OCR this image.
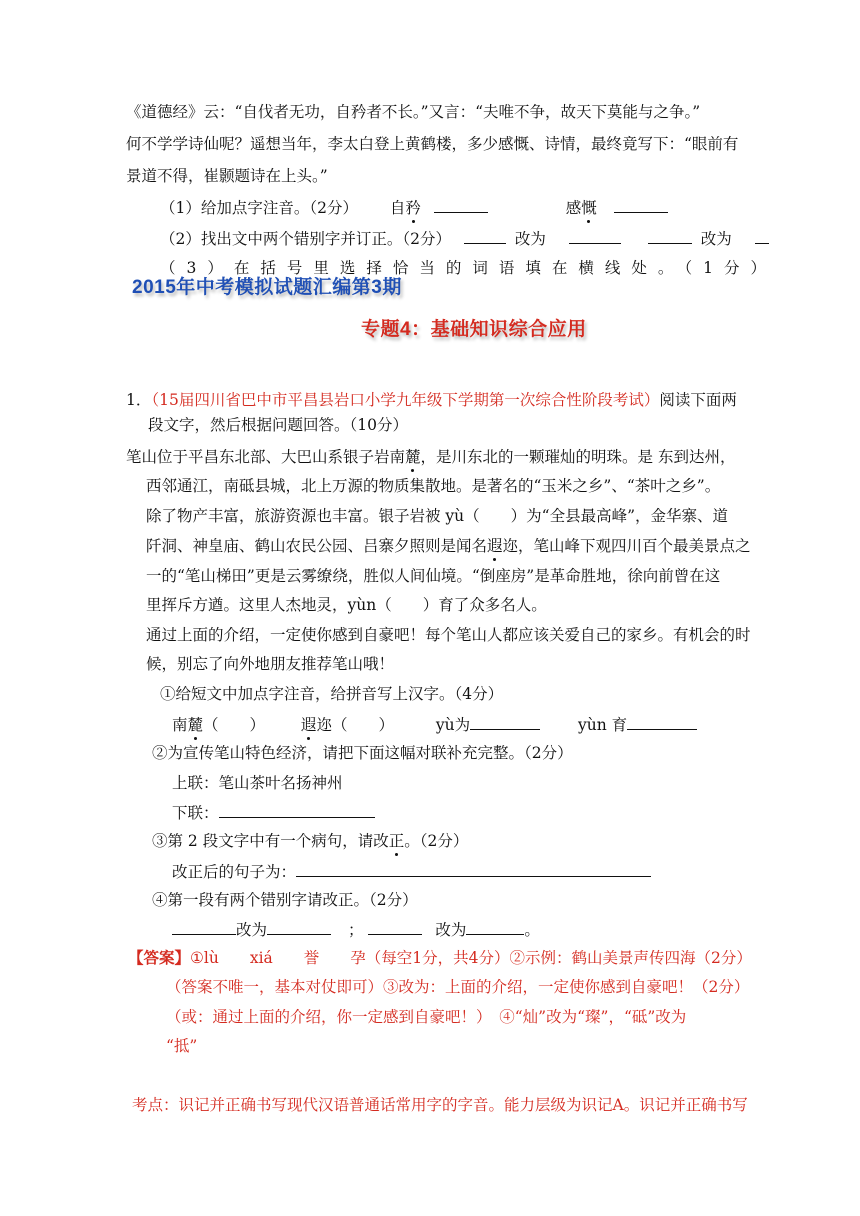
《道德经》云：“自伐者无功，自矜者不长。”又言：“夫唯不争，故天下莫能与之争。”
何不学学诗仙呢？遥想当年，李太白登上黄鹤楼，多少感慨、诗情，最终竟写下：“眼前有
景道不得，崔颢题诗在上头。”
（1）给加点字注音。（2分） 自矜	感慨
（2）找出文中两个错别字并订正。（2分）	改为	改为
（3）在括号里选择恰当的词语填在横线处。（1分）
2015年中考模拟试题汇编第3期
专题4：基础知识综合应用
1．（15届四川省巴中市平昌县岩口小学九年级下学期第一次综合性阶段考试）阅读下面两
段文字，然后根据问题回答。（10分）
笔山位于平昌东北部、大巴山系银子岩南麓，是川东北的一颗璀灿的明珠。是 东到达州，
西邻通江，南砥县城，北上万源的物质集散地。是著名的“玉米之乡”、“茶叶之乡”。
除了物产丰富，旅游资源也丰富。银子岩被 yù（　　）为“全县最高峰”，金华寨、道
阡洞、神皇庙、鹤山农民公园、吕寨夕照则是闻名遐迩，笔山峰下观四川百个最美景点之
一的“笔山梯田”更是云雾缭绕，胜似人间仙境。“倒座房”是革命胜地，徐向前曾在这
里挥斥方遒。这里人杰地灵，yùn（　　）育了众多名人。
通过上面的介绍，一定使你感到自豪吧！每个笔山人都应该关爱自己的家乡。有机会的时
候，别忘了向外地朋友推荐笔山哦！
①给短文中加点字注音，给拼音写上汉字。（4分）
南麓（　　） 遐迩（　　）	yù为	yùn 育
②为宣传笔山特色经济，请把下面这幅对联补充完整。（2分）
上联：笔山茶叶名扬神州
下联：
③第 2 段文字中有一个病句，请改正。（2分）
改正后的句子为：
④第一段有两个错别字请改正。（2分）
改为	；	改为	。
【答案】①lù　　xiá　　誉　　孕（每空1分，共4分）②示例：鹤山美景声传四海（2分）
（答案不唯一，基本对仗即可）③改为：上面的介绍，一定使你感到自豪吧！（2分）
（或：通过上面的介绍，你一定感到自豪吧！）　④“灿”改为“璨”，“砥”改为
“抵”
考点：识记并正确书写现代汉语普通话常用字的字音。能力层级为识记A。识记并正确书写
